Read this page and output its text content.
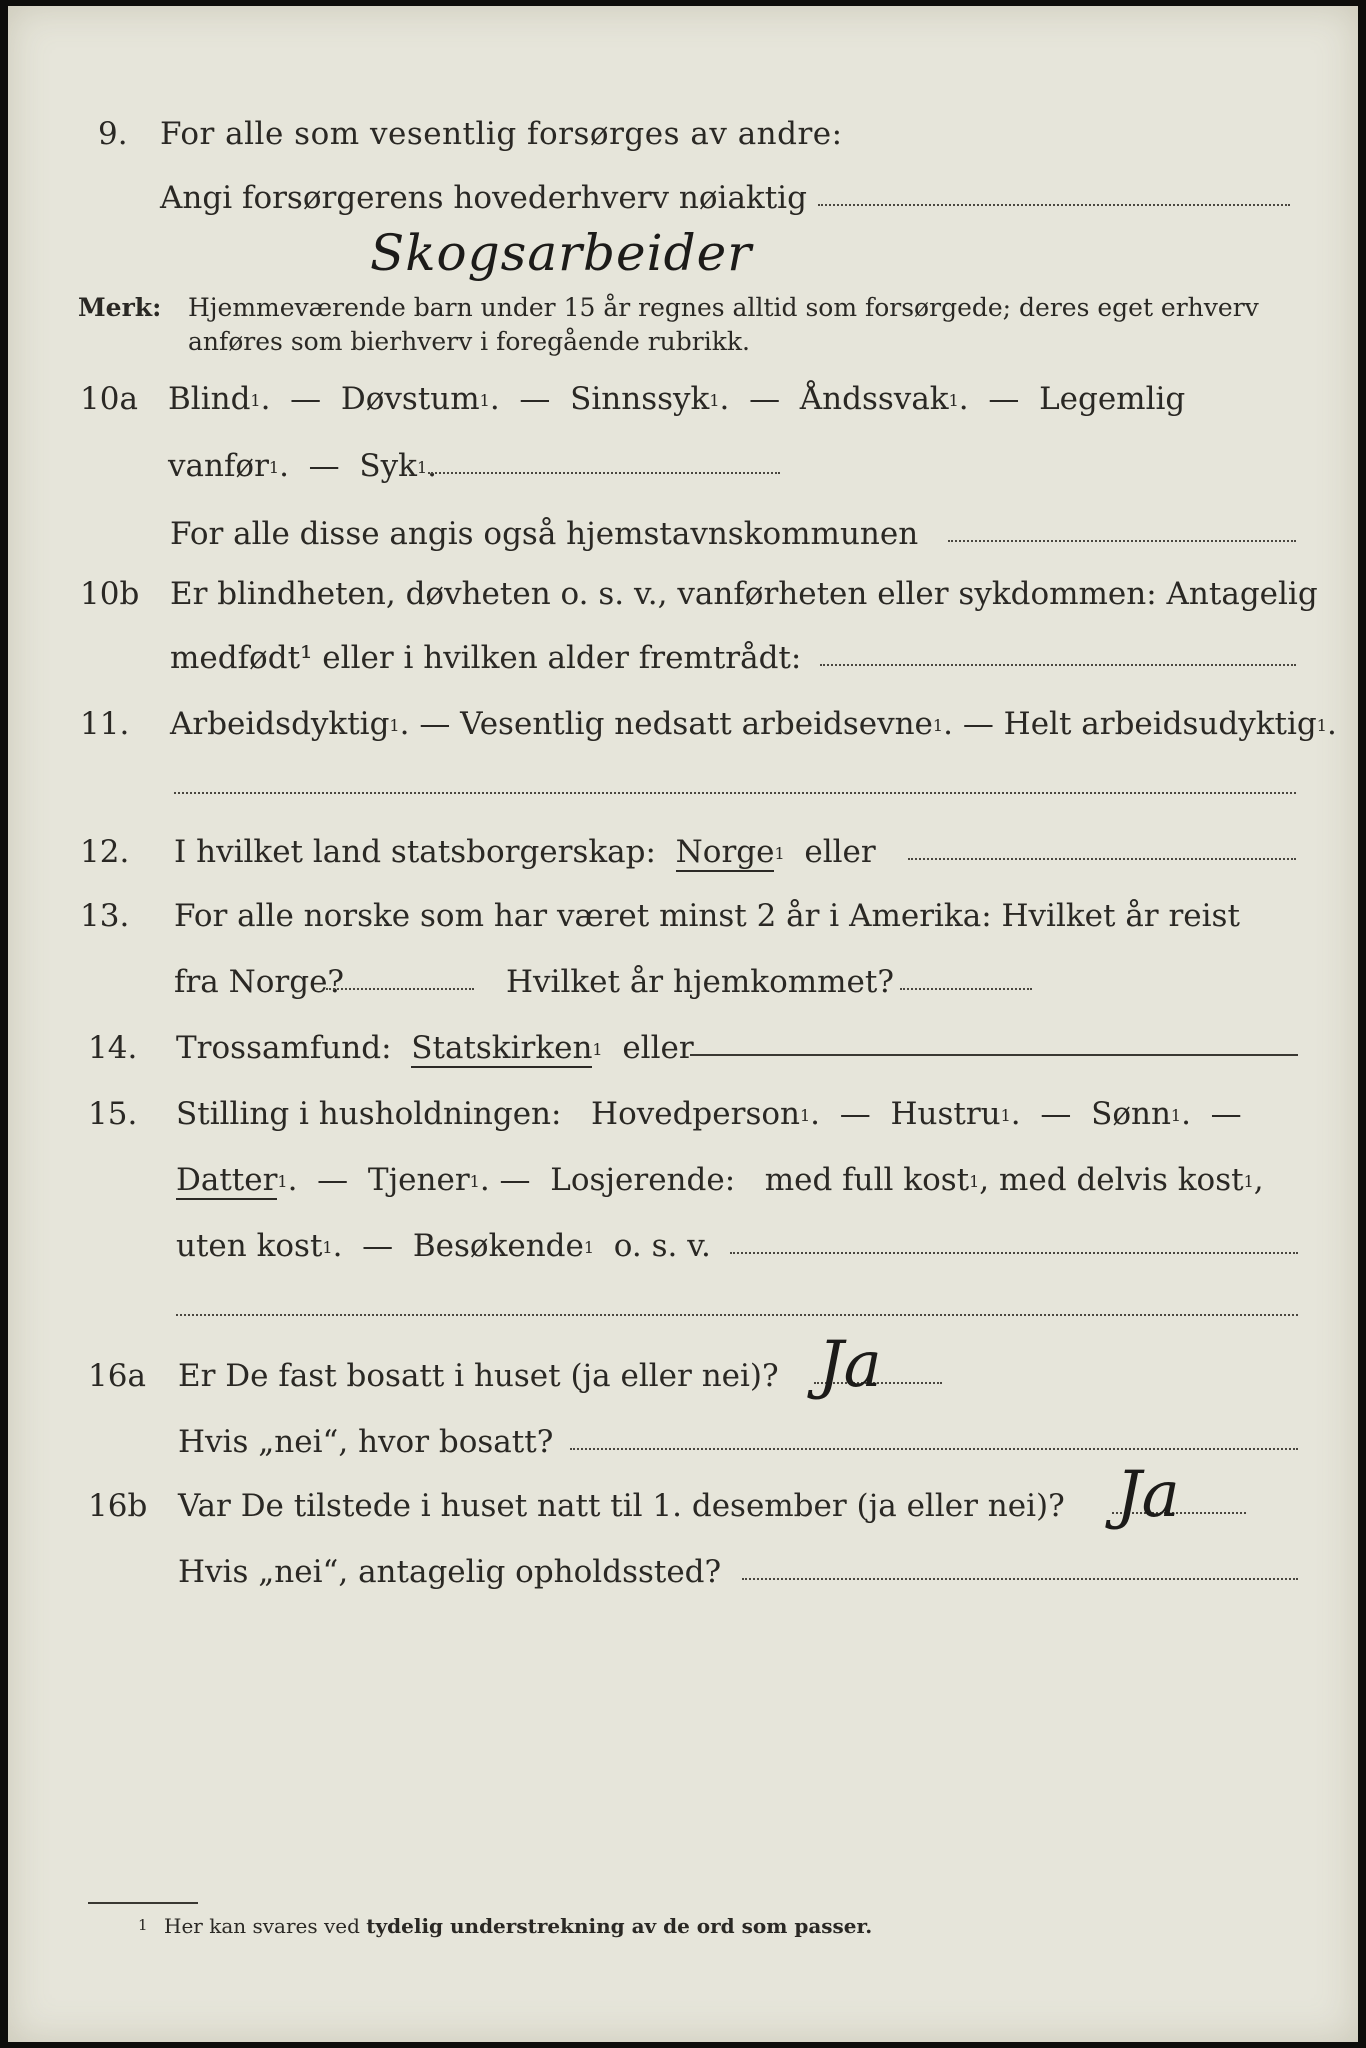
9. For alle som vesentlig forsørges av andre:
Angi forsørgerens hovederhverv nøiaktig
Skogsarbeider
Merk: Hjemmeværende barn under 15 år regnes alltid som forsørgede; deres eget erhverv
anføres som bierhverv i foregående rubrikk.
10a Blind$^1$.  —  Døvstum$^1$.  —  Sinnssyk$^1$.  —  Åndssvak$^1$.  —  Legemlig
vanfør$^1$.  —  Syk$^1$.
For alle disse angis også hjemstavnskommunen
10b Er blindheten, døvheten o. s. v., vanførheten eller sykdommen: Antagelig
medfødt¹ eller i hvilken alder fremtrådt:
11. Arbeidsdyktig$^1$. — Vesentlig nedsatt arbeidsevne$^1$. — Helt arbeidsudyktig$^1$.
12. I hvilket land statsborgerskap: Norge$^1$ eller
13. For alle norske som har været minst 2 år i Amerika: Hvilket år reist
fra Norge?	Hvilket år hjemkommet?
14. Trossamfund: Statskirken$^1$ eller
15. Stilling i husholdningen: Hovedperson$^1$.  —  Hustru$^1$.  —  Sønn$^1$.  —
Datter$^1$.  —  Tjener$^1$. —  Losjerende: med full kost$^1$, med delvis kost$^1$,
uten kost$^1$.  —  Besøkende$^1$ o. s. v.
16a Er De fast bosatt i huset (ja eller nei)? Ja
Hvis „nei“, hvor bosatt?
16b Var De tilstede i huset natt til 1. desember (ja eller nei)? Ja
Hvis „nei“, antagelig opholdssted?
1 Her kan svares ved tydelig understrekning av de ord som passer.
